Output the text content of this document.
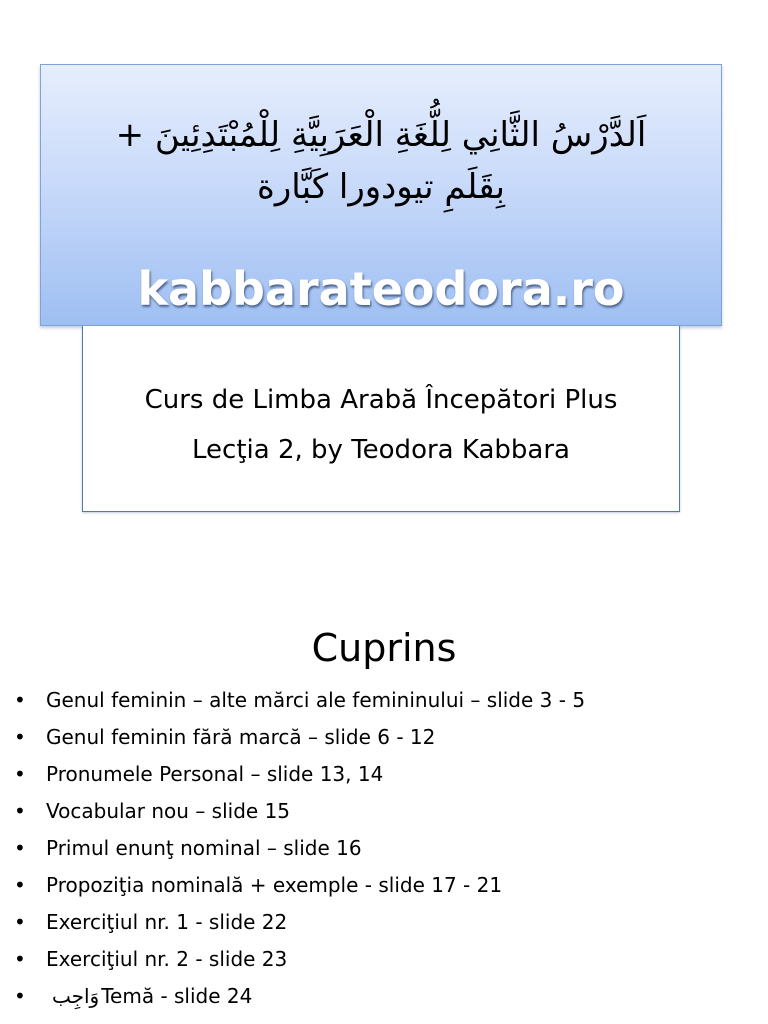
اَلدَّرْسُ الثَّانِي لِلُّغَةِ الْعَرَبِيَّةِ لِلْمُبْتَدِئِينَ +
بِقَلَمِ تيودورا كَبَّارة
kabbarateodora.ro
Curs de Limba Arabă Începători Plus
Lecţia 2, by Teodora Kabbara
Cuprins
• Genul feminin – alte mărci ale femininului – slide 3 - 5
• Genul feminin fără marcă – slide 6 - 12
• Pronumele Personal – slide 13, 14
• Vocabular nou – slide 15
• Primul enunţ nominal – slide 16
• Propoziţia nominală + exemple - slide 17 - 21
• Exerciţiul nr. 1 - slide 22
• Exerciţiul nr. 2 - slide 23
•	وَاجِب Temă - slide 24
